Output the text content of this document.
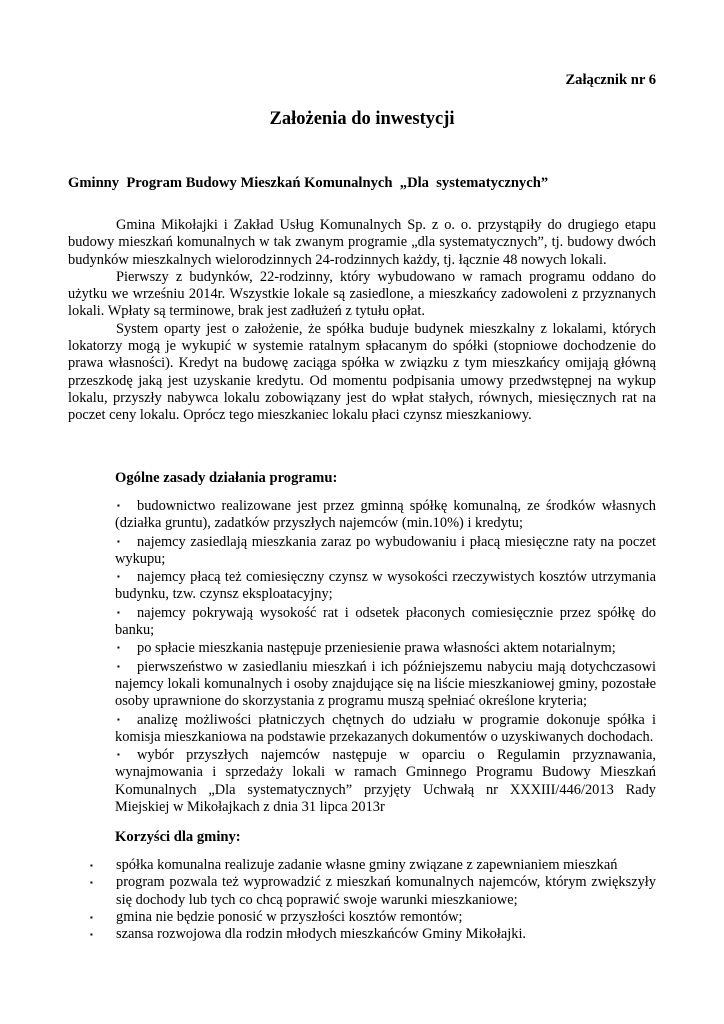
Załącznik nr 6
Założenia do inwestycji
Gminny  Program Budowy Mieszkań Komunalnych  „Dla  systematycznych”

Gmina Mikołajki i Zakład Usług Komunalnych Sp. z o. o. przystąpiły do drugiego etapu budowy mieszkań komunalnych w tak zwanym programie „dla systematycznych”, tj. budowy dwóch budynków mieszkalnych wielorodzinnych 24-rodzinnych każdy, tj. łącznie 48 nowych lokali.

Pierwszy z budynków, 22-rodzinny, który wybudowano w ramach programu oddano do użytku we wrześniu 2014r. Wszystkie lokale są zasiedlone, a mieszkańcy zadowoleni z przyznanych lokali. Wpłaty są terminowe, brak jest zadłużeń z tytułu opłat.

System oparty jest o założenie, że spółka buduje budynek mieszkalny z lokalami, których lokatorzy mogą je wykupić w systemie ratalnym spłacanym do spółki (stopniowe dochodzenie do prawa własności). Kredyt na budowę zaciąga spółka w związku z tym mieszkańcy omijają główną przeszkodę jaką jest uzyskanie kredytu. Od momentu podpisania umowy przedwstępnej na wykup lokalu, przyszły nabywca lokalu zobowiązany jest do wpłat stałych, równych, miesięcznych rat na poczet ceny lokalu. Oprócz tego mieszkaniec lokalu płaci czynsz mieszkaniowy.

Ogólne zasady działania programu:
▪ budownictwo realizowane jest przez gminną spółkę komunalną, ze środków własnych (działka gruntu), zadatków przyszłych najemców (min.10%) i kredytu;
▪ najemcy zasiedlają mieszkania zaraz po wybudowaniu i płacą miesięczne raty na poczet wykupu;
▪ najemcy płacą też comiesięczny czynsz w wysokości rzeczywistych kosztów utrzymania budynku, tzw. czynsz eksploatacyjny;
▪ najemcy pokrywają wysokość rat i odsetek płaconych comiesięcznie przez spółkę do banku;
▪ po spłacie mieszkania następuje przeniesienie prawa własności aktem notarialnym;
▪ pierwszeństwo w zasiedlaniu mieszkań i ich późniejszemu nabyciu mają dotychczasowi najemcy lokali komunalnych i osoby znajdujące się na liście mieszkaniowej gminy, pozostałe osoby uprawnione do skorzystania z programu muszą spełniać określone kryteria;
▪ analizę możliwości płatniczych chętnych do udziału w programie dokonuje spółka i komisja mieszkaniowa na podstawie przekazanych dokumentów o uzyskiwanych dochodach.
▪ wybór przyszłych najemców następuje w oparciu o Regulamin przyznawania, wynajmowania i sprzedaży lokali w ramach Gminnego Programu Budowy Mieszkań Komunalnych „Dla systematycznych” przyjęty Uchwałą nr XXXIII/446/2013 Rady Miejskiej w Mikołajkach z dnia 31 lipca 2013r
Korzyści dla gminy:
▪ spółka komunalna realizuje zadanie własne gminy związane z zapewnianiem mieszkań
▪ program pozwala też wyprowadzić z mieszkań komunalnych najemców, którym zwiększyły się dochody lub tych co chcą poprawić swoje warunki mieszkaniowe;
▪ gmina nie będzie ponosić w przyszłości kosztów remontów;
▪ szansa rozwojowa dla rodzin młodych mieszkańców Gminy Mikołajki.
